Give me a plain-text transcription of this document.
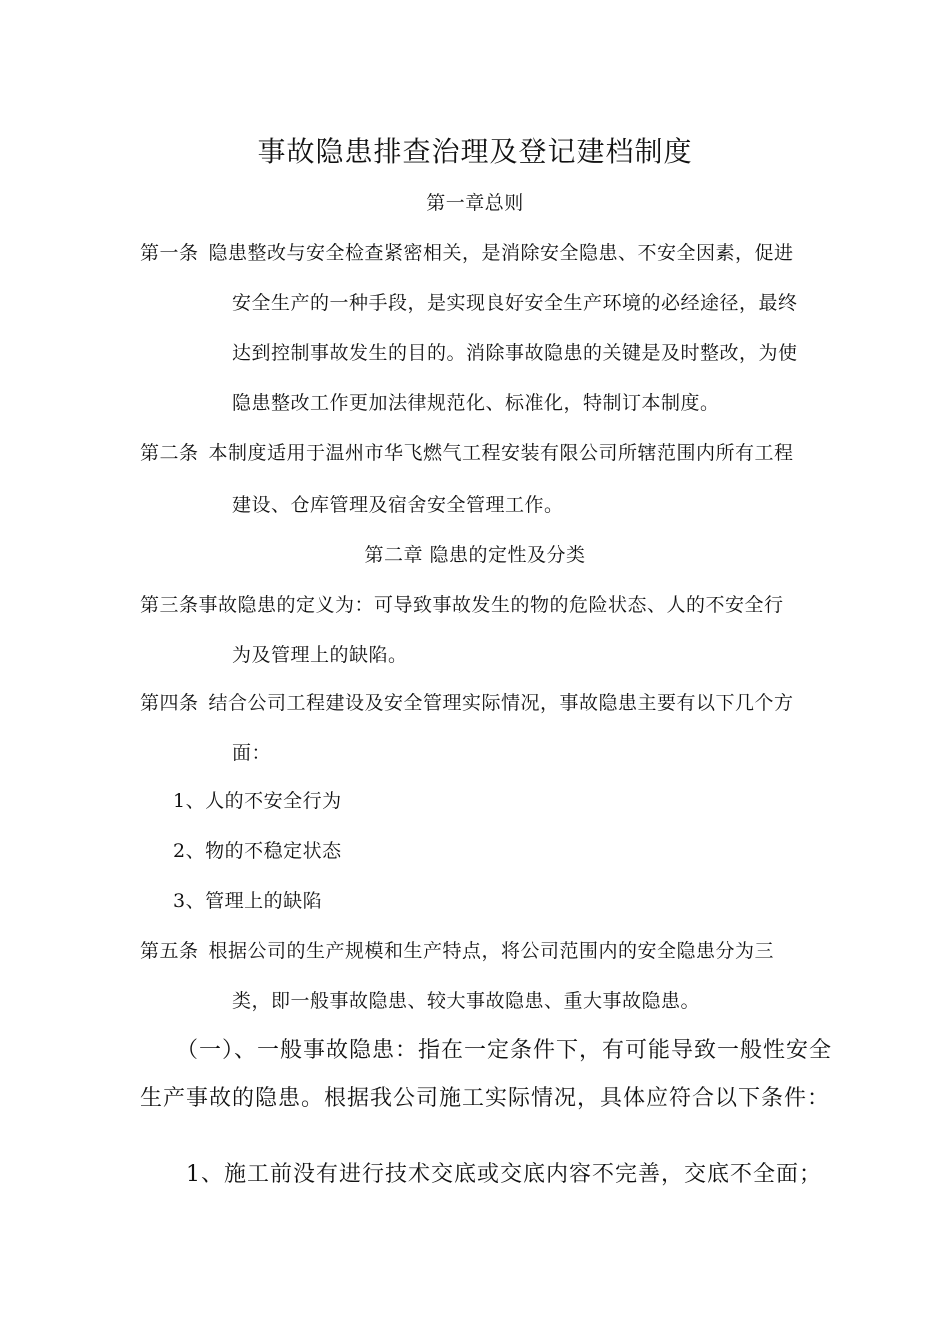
事故隐患排查治理及登记建档制度
第一章总则
第一条 隐患整改与安全检查紧密相关，是消除安全隐患、不安全因素，促进
安全生产的一种手段，是实现良好安全生产环境的必经途径，最终
达到控制事故发生的目的。消除事故隐患的关键是及时整改，为使
隐患整改工作更加法律规范化、标准化，特制订本制度。
第二条 本制度适用于温州市华飞燃气工程安装有限公司所辖范围内所有工程
建设、仓库管理及宿舍安全管理工作。
第二章 隐患的定性及分类
第三条事故隐患的定义为：可导致事故发生的物的危险状态、人的不安全行
为及管理上的缺陷。
第四条 结合公司工程建设及安全管理实际情况，事故隐患主要有以下几个方
面：
1、人的不安全行为
2、物的不稳定状态
3、管理上的缺陷
第五条 根据公司的生产规模和生产特点，将公司范围内的安全隐患分为三
类，即一般事故隐患、较大事故隐患、重大事故隐患。
（一）、一般事故隐患：指在一定条件下，有可能导致一般性安全
生产事故的隐患。根据我公司施工实际情况，具体应符合以下条件：
1、施工前没有进行技术交底或交底内容不完善，交底不全面；
